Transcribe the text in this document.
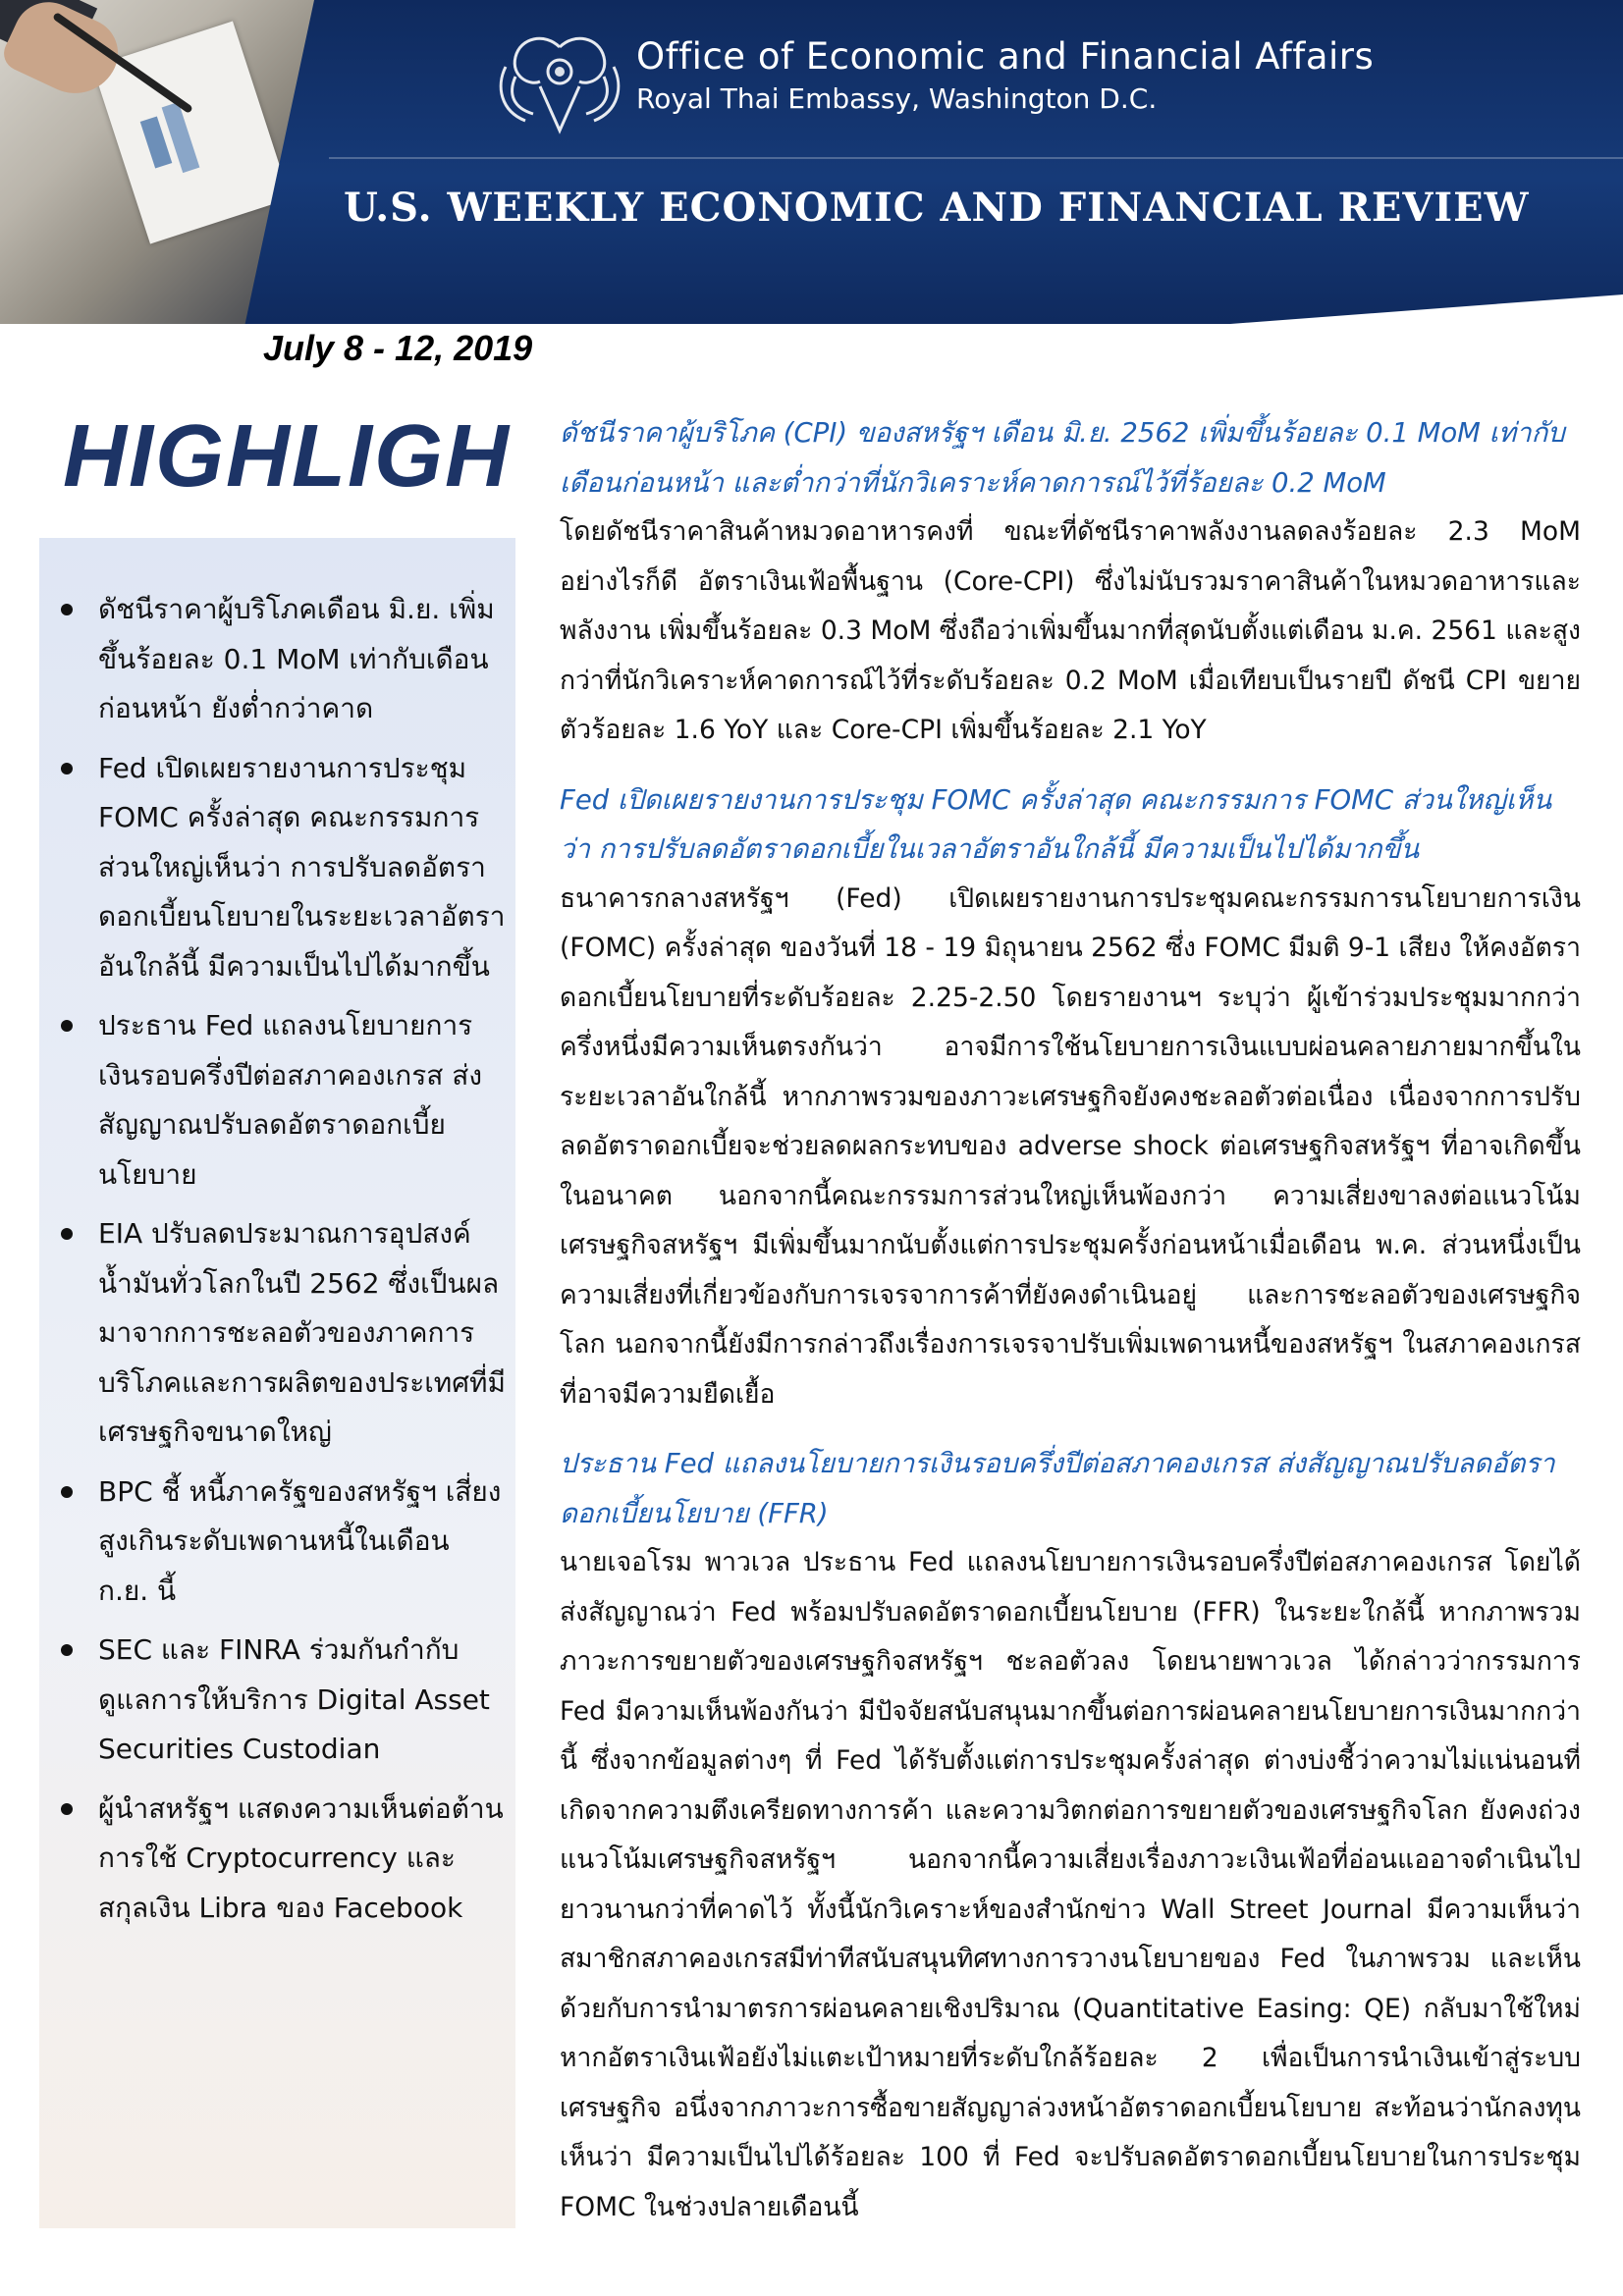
Office of Economic and Financial Affairs
Royal Thai Embassy, Washington D.C.
U.S. WEEKLY ECONOMIC AND FINANCIAL REVIEW
July 8 - 12, 2019
HIGHLIGH
ดัชนีราคาผู้บริโภคเดือน มิ.ย. เพิ่มขึ้นร้อยละ 0.1 MoM เท่ากับเดือนก่อนหน้า ยังต่ำกว่าคาด
Fed เปิดเผยรายงานการประชุม FOMC ครั้งล่าสุด คณะกรรมการส่วนใหญ่เห็นว่า การปรับลดอัตราดอกเบี้ยนโยบายในระยะเวลาอัตราอันใกล้นี้ มีความเป็นไปได้มากขึ้น
ประธาน Fed แถลงนโยบายการเงินรอบครึ่งปีต่อสภาคองเกรส ส่งสัญญาณปรับลดอัตราดอกเบี้ยนโยบาย
EIA ปรับลดประมาณการอุปสงค์น้ำมันทั่วโลกในปี 2562 ซึ่งเป็นผลมาจากการชะลอตัวของภาคการบริโภคและการผลิตของประเทศที่มีเศรษฐกิจขนาดใหญ่
BPC ชี้ หนี้ภาครัฐของสหรัฐฯ เสี่ยงสูงเกินระดับเพดานหนี้ในเดือน ก.ย. นี้
SEC และ FINRA ร่วมกันกำกับดูแลการให้บริการ Digital Asset Securities Custodian
ผู้นำสหรัฐฯ แสดงความเห็นต่อต้านการใช้ Cryptocurrency และสกุลเงิน Libra ของ Facebook
ดัชนีราคาผู้บริโภค (CPI) ของสหรัฐฯ เดือน มิ.ย. 2562 เพิ่มขึ้นร้อยละ 0.1 MoM เท่ากับเดือนก่อนหน้า และต่ำกว่าที่นักวิเคราะห์คาดการณ์ไว้ที่ร้อยละ 0.2 MoM

โดยดัชนีราคาสินค้าหมวดอาหารคงที่ ขณะที่ดัชนีราคาพลังงานลดลงร้อยละ 2.3 MoM อย่างไรก็ดี อัตราเงินเฟ้อพื้นฐาน (Core-CPI) ซึ่งไม่นับรวมราคาสินค้าในหมวดอาหารและพลังงาน เพิ่มขึ้นร้อยละ 0.3 MoM ซึ่งถือว่าเพิ่มขึ้นมากที่สุดนับตั้งแต่เดือน ม.ค. 2561 และสูงกว่าที่นักวิเคราะห์คาดการณ์ไว้ที่ระดับร้อยละ 0.2 MoM เมื่อเทียบเป็นรายปี ดัชนี CPI ขยายตัวร้อยละ 1.6 YoY และ Core-CPI เพิ่มขึ้นร้อยละ 2.1 YoY

Fed เปิดเผยรายงานการประชุม FOMC ครั้งล่าสุด คณะกรรมการ FOMC ส่วนใหญ่เห็นว่า การปรับลดอัตราดอกเบี้ยในเวลาอัตราอันใกล้นี้ มีความเป็นไปได้มากขึ้น

ธนาคารกลางสหรัฐฯ (Fed) เปิดเผยรายงานการประชุมคณะกรรมการนโยบายการเงิน (FOMC) ครั้งล่าสุด ของวันที่ 18 - 19 มิถุนายน 2562 ซึ่ง FOMC มีมติ 9-1 เสียง ให้คงอัตราดอกเบี้ยนโยบายที่ระดับร้อยละ 2.25-2.50 โดยรายงานฯ ระบุว่า ผู้เข้าร่วมประชุมมากกว่าครึ่งหนึ่งมีความเห็นตรงกันว่า อาจมีการใช้นโยบายการเงินแบบผ่อนคลายภายมากขึ้นในระยะเวลาอันใกล้นี้ หากภาพรวมของภาวะเศรษฐกิจยังคงชะลอตัวต่อเนื่อง เนื่องจากการปรับลดอัตราดอกเบี้ยจะช่วยลดผลกระทบของ adverse shock ต่อเศรษฐกิจสหรัฐฯ ที่อาจเกิดขึ้นในอนาคต นอกจากนี้คณะกรรมการส่วนใหญ่เห็นพ้องกว่า ความเสี่ยงขาลงต่อแนวโน้มเศรษฐกิจสหรัฐฯ มีเพิ่มขึ้นมากนับตั้งแต่การประชุมครั้งก่อนหน้าเมื่อเดือน พ.ค. ส่วนหนึ่งเป็นความเสี่ยงที่เกี่ยวข้องกับการเจรจาการค้าที่ยังคงดำเนินอยู่ และการชะลอตัวของเศรษฐกิจโลก นอกจากนี้ยังมีการกล่าวถึงเรื่องการเจรจาปรับเพิ่มเพดานหนี้ของสหรัฐฯ ในสภาคองเกรสที่อาจมีความยืดเยื้อ

ประธาน Fed แถลงนโยบายการเงินรอบครึ่งปีต่อสภาคองเกรส ส่งสัญญาณปรับลดอัตราดอกเบี้ยนโยบาย (FFR)

นายเจอโรม พาวเวล ประธาน Fed แถลงนโยบายการเงินรอบครึ่งปีต่อสภาคองเกรส โดยได้ส่งสัญญาณว่า Fed พร้อมปรับลดอัตราดอกเบี้ยนโยบาย (FFR) ในระยะใกล้นี้ หากภาพรวมภาวะการขยายตัวของเศรษฐกิจสหรัฐฯ ชะลอตัวลง โดยนายพาวเวล ได้กล่าวว่ากรรมการ Fed มีความเห็นพ้องกันว่า มีปัจจัยสนับสนุนมากขึ้นต่อการผ่อนคลายนโยบายการเงินมากกว่านี้ ซึ่งจากข้อมูลต่างๆ ที่ Fed ได้รับตั้งแต่การประชุมครั้งล่าสุด ต่างบ่งชี้ว่าความไม่แน่นอนที่เกิดจากความตึงเครียดทางการค้า และความวิตกต่อการขยายตัวของเศรษฐกิจโลก ยังคงถ่วงแนวโน้มเศรษฐกิจสหรัฐฯ นอกจากนี้ความเสี่ยงเรื่องภาวะเงินเฟ้อที่อ่อนแออาจดำเนินไปยาวนานกว่าที่คาดไว้ ทั้งนี้นักวิเคราะห์ของสำนักข่าว Wall Street Journal มีความเห็นว่า สมาชิกสภาคองเกรสมีท่าทีสนับสนุนทิศทางการวางนโยบายของ Fed ในภาพรวม และเห็นด้วยกับการนำมาตรการผ่อนคลายเชิงปริมาณ (Quantitative Easing: QE) กลับมาใช้ใหม่ หากอัตราเงินเฟ้อยังไม่แตะเป้าหมายที่ระดับใกล้ร้อยละ 2 เพื่อเป็นการนำเงินเข้าสู่ระบบเศรษฐกิจ อนึ่งจากภาวะการซื้อขายสัญญาล่วงหน้าอัตราดอกเบี้ยนโยบาย สะท้อนว่านักลงทุนเห็นว่า มีความเป็นไปได้ร้อยละ 100 ที่ Fed จะปรับลดอัตราดอกเบี้ยนโยบายในการประชุม FOMC ในช่วงปลายเดือนนี้
